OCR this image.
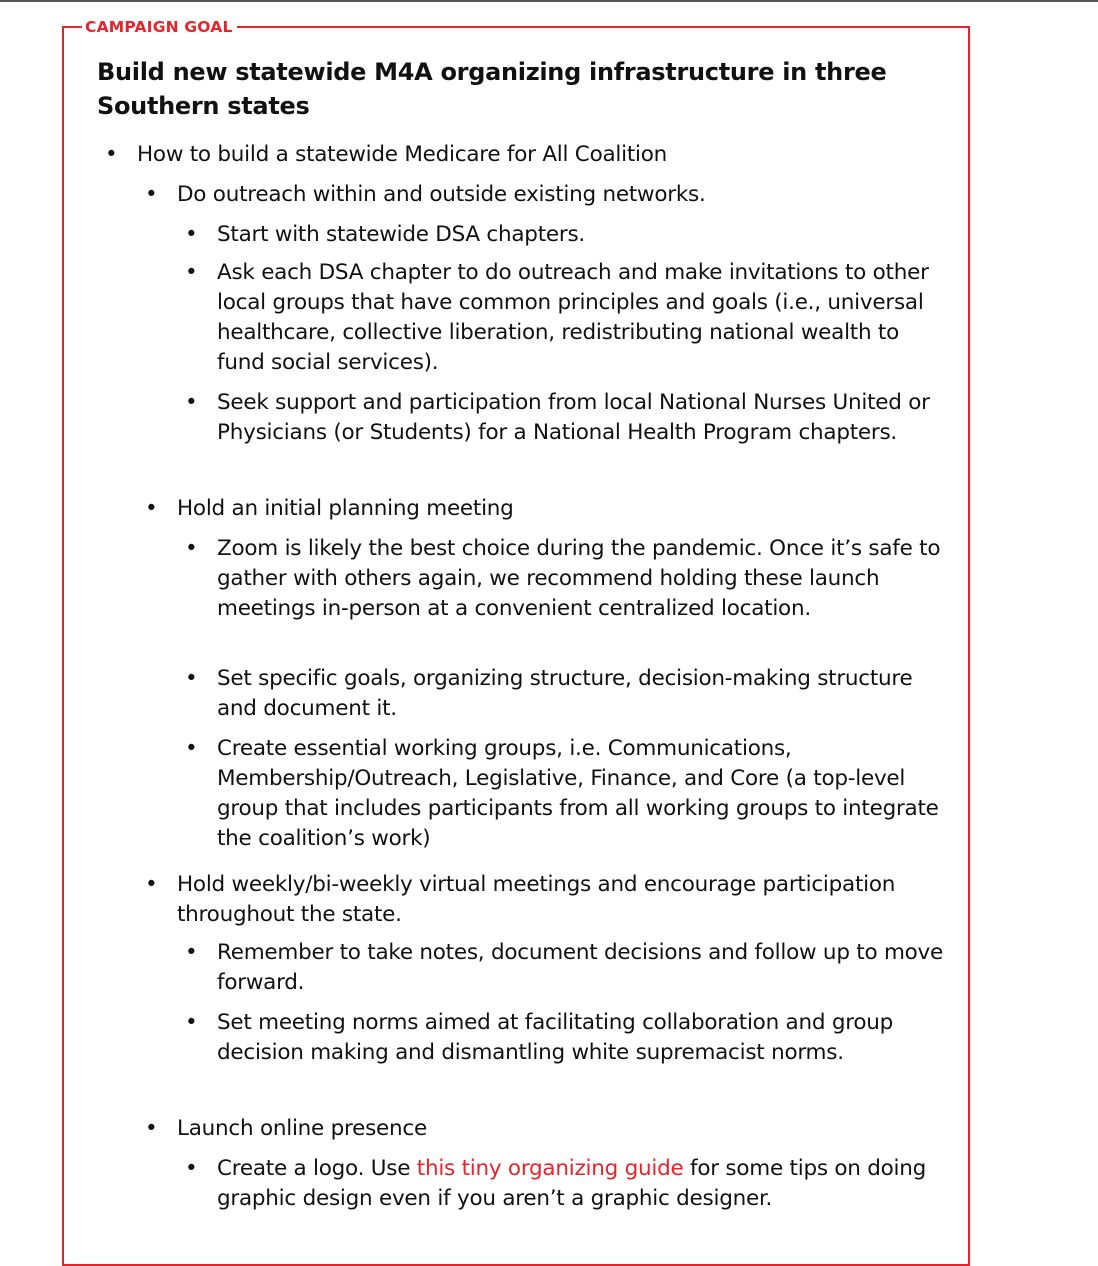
CAMPAIGN GOAL
Build new statewide M4A organizing infrastructure in three Southern states
• How to build a statewide Medicare for All Coalition
• Do outreach within and outside existing networks.
• Start with statewide DSA chapters.
• Ask each DSA chapter to do outreach and make invitations to other local groups that have common principles and goals (i.e., universal healthcare, collective liberation, redistributing national wealth to fund social services).
• Seek support and participation from local National Nurses United or Physicians (or Students) for a National Health Program chapters.
• Hold an initial planning meeting
• Zoom is likely the best choice during the pandemic. Once it’s safe to gather with others again, we recommend holding these launch meetings in-person at a convenient centralized location.
• Set specific goals, organizing structure, decision-making structure and document it.
• Create essential working groups, i.e. Communications, Membership/Outreach, Legislative, Finance, and Core (a top-level group that includes participants from all working groups to integrate the coalition’s work)
• Hold weekly/bi-weekly virtual meetings and encourage participation throughout the state.
• Remember to take notes, document decisions and follow up to move forward.
• Set meeting norms aimed at facilitating collaboration and group decision making and dismantling white supremacist norms.
• Launch online presence
• Create a logo. Use this tiny organizing guide for some tips on doing graphic design even if you aren’t a graphic designer.
